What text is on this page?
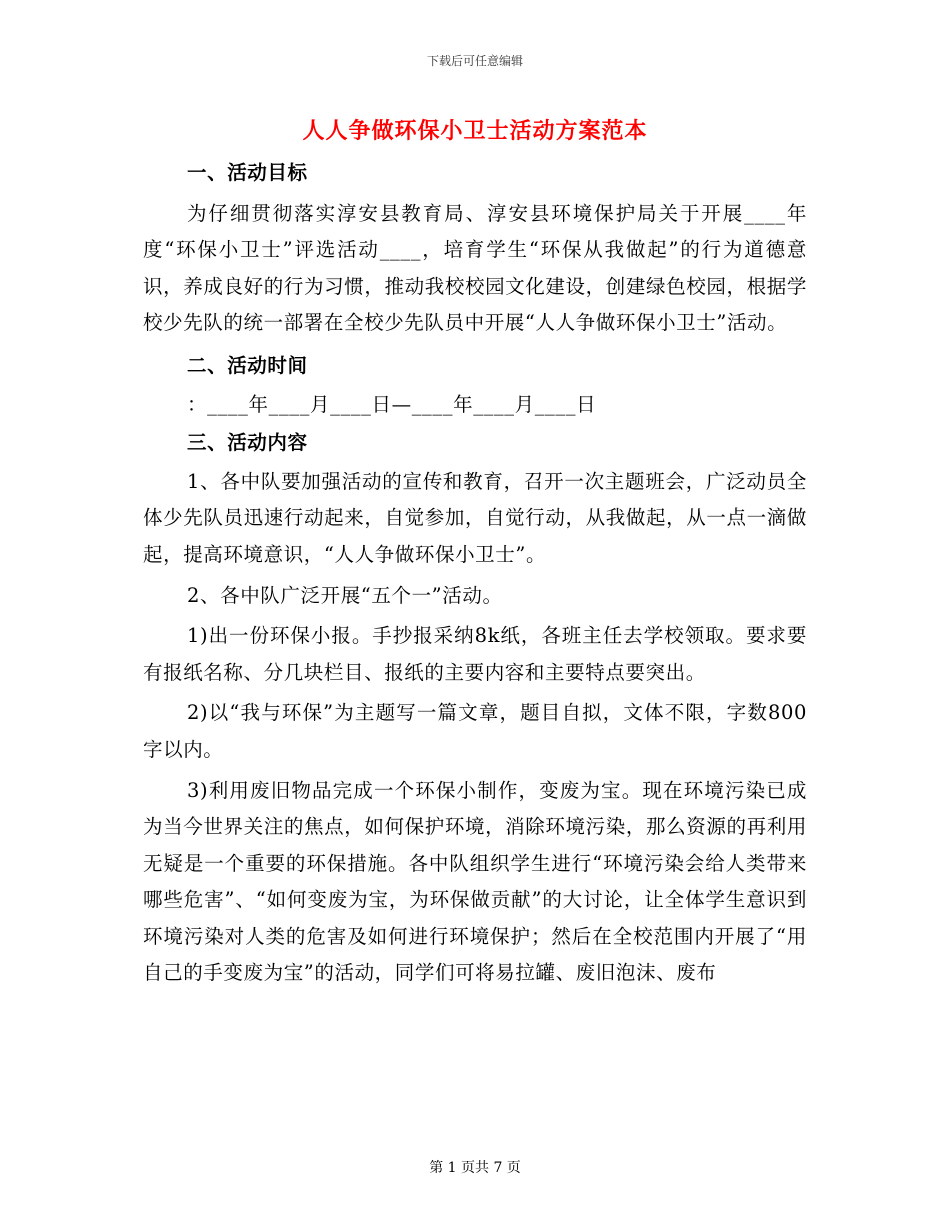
下载后可任意编辑
人人争做环保小卫士活动方案范本

一、活动目标

为仔细贯彻落实淳安县教育局、淳安县环境保护局关于开展____年度“环保小卫士”评选活动____，培育学生“环保从我做起”的行为道德意识，养成良好的行为习惯，推动我校校园文化建设，创建绿色校园，根据学校少先队的统一部署在全校少先队员中开展“人人争做环保小卫士”活动。

二、活动时间

：____年____月____日—____年____月____日

三、活动内容

1、各中队要加强活动的宣传和教育，召开一次主题班会，广泛动员全体少先队员迅速行动起来，自觉参加，自觉行动，从我做起，从一点一滴做起，提高环境意识，“人人争做环保小卫士”。

2、各中队广泛开展“五个一”活动。

1)出一份环保小报。手抄报采纳8k纸，各班主任去学校领取。要求要有报纸名称、分几块栏目、报纸的主要内容和主要特点要突出。

2)以“我与环保”为主题写一篇文章，题目自拟，文体不限，字数800字以内。

3)利用废旧物品完成一个环保小制作，变废为宝。现在环境污染已成为当今世界关注的焦点，如何保护环境，消除环境污染，那么资源的再利用无疑是一个重要的环保措施。各中队组织学生进行“环境污染会给人类带来哪些危害”、“如何变废为宝，为环保做贡献”的大讨论，让全体学生意识到环境污染对人类的危害及如何进行环境保护；然后在全校范围内开展了“用自己的手变废为宝”的活动，同学们可将易拉罐、废旧泡沫、废布

第 1 页共 7 页
